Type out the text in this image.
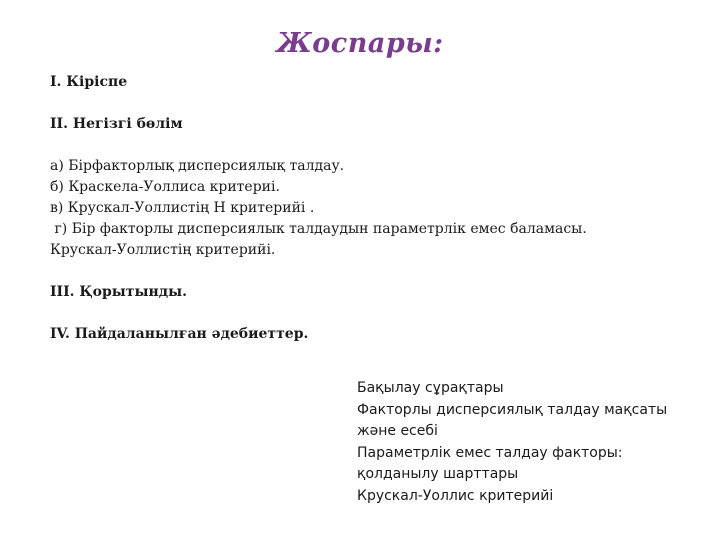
Жоспары:
I. Кіріспе
II. Негізгі бөлім
а) Бірфакторлық дисперсиялық талдау.
б) Краскела-Уоллиса критериі.
в) Крускал-Уоллистің Н критерийі .
г) Бір факторлы дисперсиялык талдаудын параметрлік емес баламасы.
Крускал-Уоллистің критерийі.
III. Қорытынды.
IV. Пайдаланылған әдебиеттер.
Бақылау сұрақтары
Факторлы дисперсиялық талдау мақсаты
және есебі
Параметрлік емес талдау факторы:
қолданылу шарттары
Крускал-Уоллис критерийі
